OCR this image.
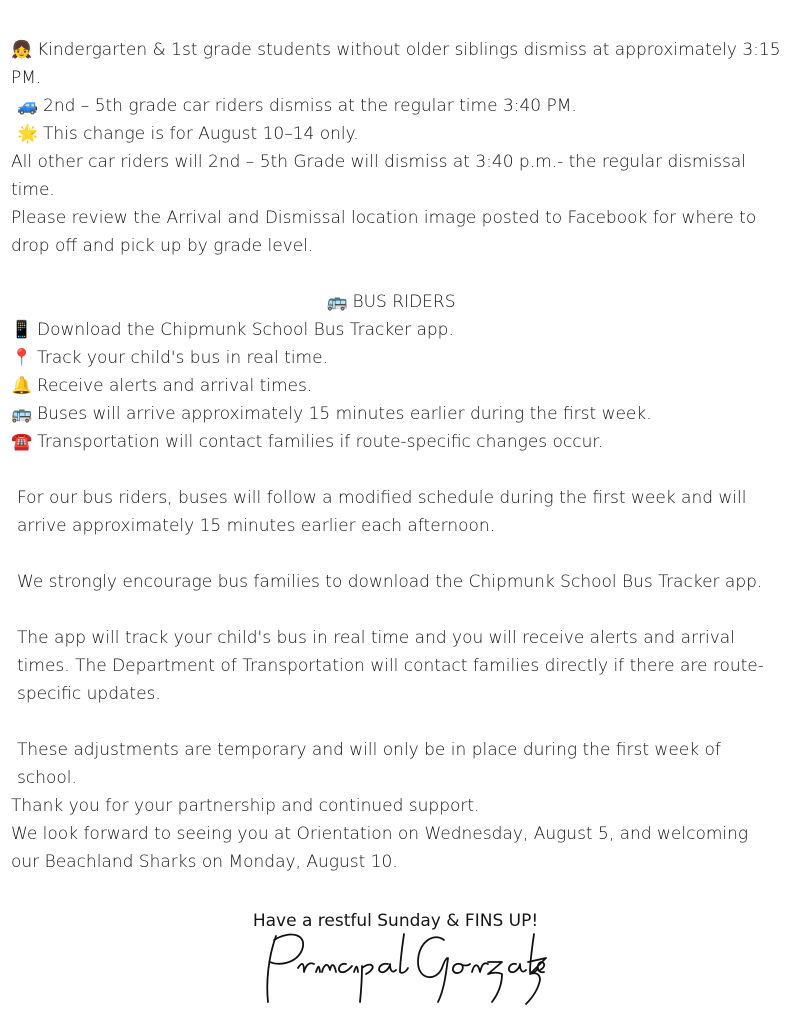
👧 Kindergarten & 1st grade students without older siblings dismiss at approximately 3:15 PM.
🚙 2nd – 5th grade car riders dismiss at the regular time 3:40 PM.
🌟 This change is for August 10–14 only.
All other car riders will 2nd – 5th Grade will dismiss at 3:40 p.m.- the regular dismissal time.
Please review the Arrival and Dismissal location image posted to Facebook for where to drop off and pick up by grade level.
🚌 BUS RIDERS
📱 Download the Chipmunk School Bus Tracker app.
📍 Track your child's bus in real time.
🔔 Receive alerts and arrival times.
🚌 Buses will arrive approximately 15 minutes earlier during the first week.
☎️ Transportation will contact families if route-specific changes occur.
For our bus riders, buses will follow a modified schedule during the first week and will arrive approximately 15 minutes earlier each afternoon.
We strongly encourage bus families to download the Chipmunk School Bus Tracker app.
The app will track your child's bus in real time and you will receive alerts and arrival times. The Department of Transportation will contact families directly if there are route-specific updates.
These adjustments are temporary and will only be in place during the first week of school.
Thank you for your partnership and continued support.
We look forward to seeing you at Orientation on Wednesday, August 5, and welcoming our Beachland Sharks on Monday, August 10.
Have a restful Sunday & FINS UP!
